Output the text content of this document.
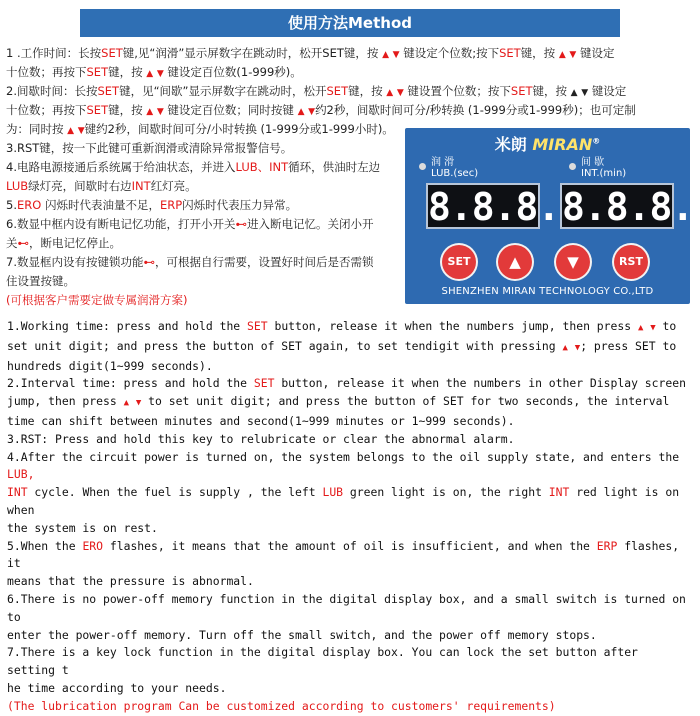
使用方法Method
1 .工作时间：长按SET键,见“润滑”显示屏数字在跳动时，松开SET键，按 ▲ ▼ 键设定个位数;按下SET键，按 ▲ ▼ 键设定
十位数；再按下SET键，按 ▲ ▼ 键设定百位数(1-999秒)。
2.间歇时间：长按SET键，见“间歇”显示屏数字在跳动时，松开SET键，按 ▲ ▼ 键设置个位数；按下SET键，按 ▲ ▼ 键设定
十位数；再按下SET键，按 ▲ ▼ 键设定百位数；同时按键 ▲ ▼约2秒，间歇时间可分/秒转换 (1-999分或1-999秒)；也可定制
为：同时按 ▲ ▼键约2秒，间歇时间可分/小时转换 (1-999分或1-999小时)。
3.RST键，按一下此键可重新润滑或清除异常报警信号。
4.电路电源接通后系统属于给油状态，并进入LUB、INT循环，供油时左边
LUB绿灯亮，间歇时右边INT红灯亮。
5.ERO 闪烁时代表油量不足，ERP闪烁时代表压力异常。
6.数显中框内设有断电记忆功能，打开小开关⊷进入断电记忆。关闭小开
关⊷，断电记忆停止。
7.数显框内设有按键锁功能⊷，可根据自行需要，设置好时间后是否需锁
住设置按键。
(可根据客户需要定做专属润滑方案)
米朗 MIRAN®
润 滑
LUB.(sec)
间 歇
INT.(min)
8.8.8. 8.8.8.
SET	▲	▼	RST
SHENZHEN MIRAN TECHNOLOGY CO.,LTD

1.Working time: press and hold the SET button, release it when the numbers jump, then press ▲ ▼ to

set unit digit; and press the button of SET again, to set tendigit with pressing ▲ ▼; press SET to

hundreds digit(1~999 seconds).

2.Interval time: press and hold the SET button, release it when the numbers in other Display screen

jump, then press ▲ ▼ to set unit digit; and press the button of SET for two seconds, the interval

time can shift between minutes and second(1~999 minutes or 1~999 seconds).

3.RST: Press and hold this key to relubricate or clear the abnormal alarm.

4.After the circuit power is turned on, the system belongs to the oil supply state, and enters the LUB,

INT cycle. When the fuel is supply , the left LUB green light is on, the right INT red light is on when

the system is on rest.

5.When the ERO flashes, it means that the amount of oil is insufficient, and when the ERP flashes, it

means that the pressure is abnormal.

6.There is no power-off memory function in the digital display box, and a small switch is turned on to

enter the power-off memory. Turn off the small switch, and the power off memory stops.

7.There is a key lock function in the digital display box. You can lock the set button after setting t

he time according to your needs.

(The lubrication program Can be customized according to customers' requirements)
